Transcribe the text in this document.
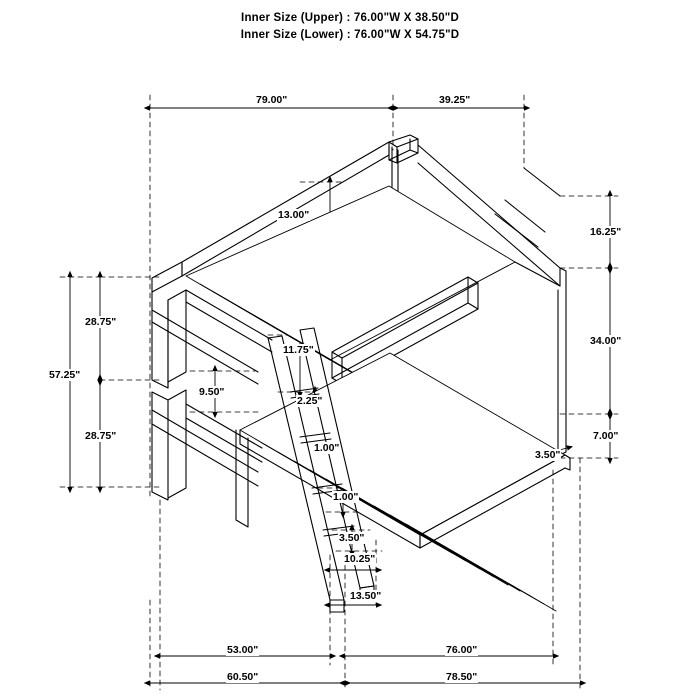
Inner Size (Upper) : 76.00"W X 38.50"D
Inner Size (Lower) : 76.00"W X 54.75"D
79.00"	39.25"
13.00"
16.25"
34.00"
7.00"
3.50"
28.75"
57.25"
28.75"
9.50"
11.75"
2.25"
1.00"
1.00"
3.50"
10.25"
13.50"
53.00"	76.00"
60.50"	78.50"
